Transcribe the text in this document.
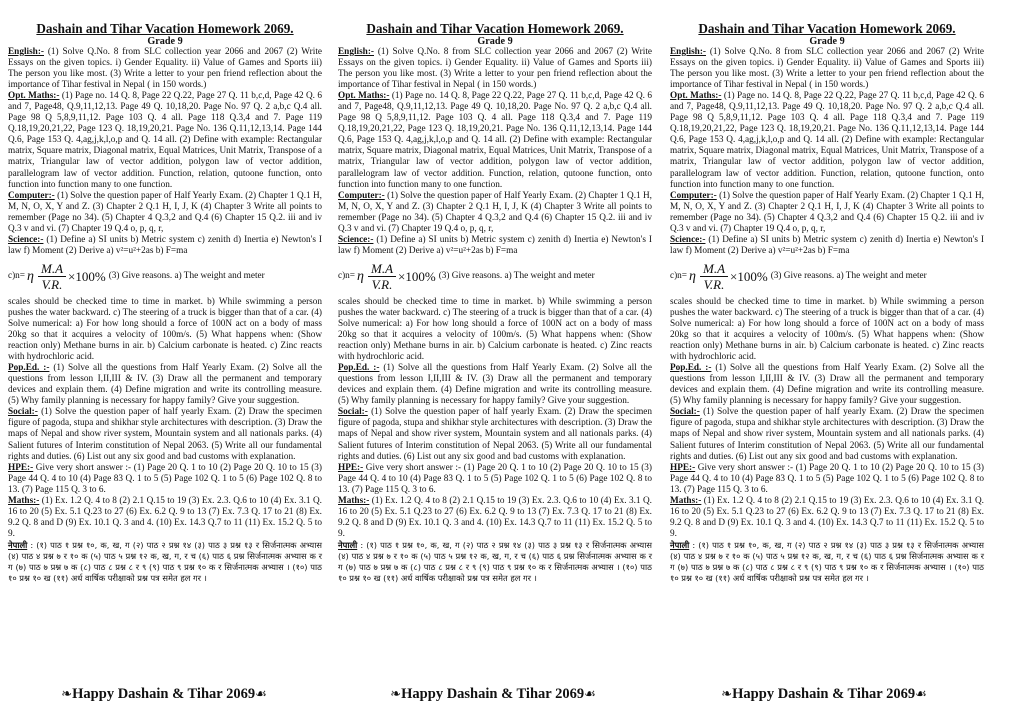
Dashain and Tihar Vacation Homework 2069.
Grade 9

English:- (1) Solve Q.No. 8 from SLC collection year 2066 and 2067 (2) Write Essays on the given topics. i) Gender Equality. ii) Value of Games and Sports iii) The person you like most. (3) Write a letter to your pen friend reflection about the importance of Tihar festival in Nepal ( in 150 words.)

Opt. Maths:- (1) Page no. 14 Q. 8, Page 22 Q.22, Page 27 Q. 11 b,c,d, Page 42 Q. 6 and 7, Page48, Q.9,11,12,13. Page 49 Q. 10,18,20. Page No. 97 Q. 2 a,b,c Q.4 all. Page 98 Q 5,8,9,11,12. Page 103 Q. 4 all. Page 118 Q.3,4 and 7. Page 119 Q.18,19,20,21,22, Page 123 Q. 18,19,20,21. Page No. 136 Q.11,12,13,14. Page 144 Q.6, Page 153 Q. 4,ag,j,k,l,o,p and Q. 14 all. (2) Define with example: Rectangular matrix, Square matrix, Diagonal matrix, Equal Matrices, Unit Matrix, Transpose of a matrix, Triangular law of vector addition, polygon law of vector addition, parallelogram law of vector addition. Function, relation, qutoone function, onto function into function many to one function.

Computer:- (1) Solve the question paper of Half Yearly Exam. (2) Chapter 1 Q.1 H, M, N, O, X, Y and Z. (3) Chapter 2 Q.1 H, I, J, K (4) Chapter 3 Write all points to remember (Page no 34). (5) Chapter 4 Q.3,2 and Q.4 (6) Chapter 15 Q.2. iii and iv Q.3 v and vi. (7) Chapter 19 Q.4 o, p, q, r,

Science:- (1) Define a) SI units b) Metric system c) zenith d) Inertia e) Newton's I law f) Moment (2) Derive a) v²=u²+2as b) F=ma

c)n= η $\frac{M.A}{V.R.} \times 100\%$ (3) Give reasons. a) The weight and meter

scales should be checked time to time in market. b) While swimming a person pushes the water backward. c) The steering of a truck is bigger than that of a car. (4) Solve numerical: a) For how long should a force of 100N act on a body of mass 20kg so that it acquires a velocity of 100m/s. (5) What happens when: (Show reaction only) Methane burns in air. b) Calcium carbonate is heated. c) Zinc reacts with hydrochloric acid.

Pop.Ed. :- (1) Solve all the questions from Half Yearly Exam. (2) Solve all the questions from lesson I,II,III & IV. (3) Draw all the permanent and temporary devices and explain them. (4) Define migration and write its controlling measure. (5) Why family planning is necessary for happy family? Give your suggestion.

Social:- (1) Solve the question paper of half yearly Exam. (2) Draw the specimen figure of pagoda, stupa and shikhar style architectures with description. (3) Draw the maps of Nepal and show river system, Mountain system and all nationals parks. (4) Salient futures of Interim constitution of Nepal 2063. (5) Write all our fundamental rights and duties. (6) List out any six good and bad customs with explanation.

HPE:- Give very short answer :- (1) Page 20 Q. 1 to 10 (2) Page 20 Q. 10 to 15 (3) Page 44 Q. 4 to 10 (4) Page 83 Q. 1 to 5 (5) Page 102 Q. 1 to 5 (6) Page 102 Q. 8 to 13. (7) Page 115 Q. 3 to 6.

Maths:- (1) Ex. 1.2 Q. 4 to 8 (2) 2.1 Q.15 to 19 (3) Ex. 2.3. Q.6 to 10 (4) Ex. 3.1 Q. 16 to 20 (5) Ex. 5.1 Q.23 to 27 (6) Ex. 6.2 Q. 9 to 13 (7) Ex. 7.3 Q. 17 to 21 (8) Ex. 9.2 Q. 8 and D (9) Ex. 10.1 Q. 3 and 4. (10) Ex. 14.3 Q.7 to 11 (11) Ex. 15.2 Q. 5 to 9.

नेपाली : (१) पाठ १ प्रश्न १०, क, ख, ग (२) पाठ २ प्रश्न १४ (३) पाठ ३ प्रश्न १३ र सिर्जनात्मक अभ्यास (४) पाठ ४ प्रश्न ७ र १० क (५) पाठ ५ प्रश्न १२ क, ख, ग, र च (६) पाठ ६ प्रश्न सिर्जनात्मक अभ्यास क र ग (७) पाठ ७ प्रश्न ७ क (८) पाठ ८ प्रश्न ८ र ९ (९) पाठ ९ प्रश्न १० क र सिर्जनात्मक अभ्यास । (१०) पाठ १० प्रश्न १० ख (११) अर्ध वार्षिक परीक्षाको प्रश्न पत्र समेत हल गर ।

❧Happy Dashain & Tihar 2069☙
Dashain and Tihar Vacation Homework 2069.
Grade 9

English:- (1) Solve Q.No. 8 from SLC collection year 2066 and 2067 (2) Write Essays on the given topics. i) Gender Equality. ii) Value of Games and Sports iii) The person you like most. (3) Write a letter to your pen friend reflection about the importance of Tihar festival in Nepal ( in 150 words.)

Opt. Maths:- (1) Page no. 14 Q. 8, Page 22 Q.22, Page 27 Q. 11 b,c,d, Page 42 Q. 6 and 7, Page48, Q.9,11,12,13. Page 49 Q. 10,18,20. Page No. 97 Q. 2 a,b,c Q.4 all. Page 98 Q 5,8,9,11,12. Page 103 Q. 4 all. Page 118 Q.3,4 and 7. Page 119 Q.18,19,20,21,22, Page 123 Q. 18,19,20,21. Page No. 136 Q.11,12,13,14. Page 144 Q.6, Page 153 Q. 4,ag,j,k,l,o,p and Q. 14 all. (2) Define with example: Rectangular matrix, Square matrix, Diagonal matrix, Equal Matrices, Unit Matrix, Transpose of a matrix, Triangular law of vector addition, polygon law of vector addition, parallelogram law of vector addition. Function, relation, qutoone function, onto function into function many to one function.

Computer:- (1) Solve the question paper of Half Yearly Exam. (2) Chapter 1 Q.1 H, M, N, O, X, Y and Z. (3) Chapter 2 Q.1 H, I, J, K (4) Chapter 3 Write all points to remember (Page no 34). (5) Chapter 4 Q.3,2 and Q.4 (6) Chapter 15 Q.2. iii and iv Q.3 v and vi. (7) Chapter 19 Q.4 o, p, q, r,

Science:- (1) Define a) SI units b) Metric system c) zenith d) Inertia e) Newton's I law f) Moment (2) Derive a) v²=u²+2as b) F=ma

c)n= η $\frac{M.A}{V.R.} \times 100\%$ (3) Give reasons. a) The weight and meter

scales should be checked time to time in market. b) While swimming a person pushes the water backward. c) The steering of a truck is bigger than that of a car. (4) Solve numerical: a) For how long should a force of 100N act on a body of mass 20kg so that it acquires a velocity of 100m/s. (5) What happens when: (Show reaction only) Methane burns in air. b) Calcium carbonate is heated. c) Zinc reacts with hydrochloric acid.

Pop.Ed. :- (1) Solve all the questions from Half Yearly Exam. (2) Solve all the questions from lesson I,II,III & IV. (3) Draw all the permanent and temporary devices and explain them. (4) Define migration and write its controlling measure. (5) Why family planning is necessary for happy family? Give your suggestion.

Social:- (1) Solve the question paper of half yearly Exam. (2) Draw the specimen figure of pagoda, stupa and shikhar style architectures with description. (3) Draw the maps of Nepal and show river system, Mountain system and all nationals parks. (4) Salient futures of Interim constitution of Nepal 2063. (5) Write all our fundamental rights and duties. (6) List out any six good and bad customs with explanation.

HPE:- Give very short answer :- (1) Page 20 Q. 1 to 10 (2) Page 20 Q. 10 to 15 (3) Page 44 Q. 4 to 10 (4) Page 83 Q. 1 to 5 (5) Page 102 Q. 1 to 5 (6) Page 102 Q. 8 to 13. (7) Page 115 Q. 3 to 6.

Maths:- (1) Ex. 1.2 Q. 4 to 8 (2) 2.1 Q.15 to 19 (3) Ex. 2.3. Q.6 to 10 (4) Ex. 3.1 Q. 16 to 20 (5) Ex. 5.1 Q.23 to 27 (6) Ex. 6.2 Q. 9 to 13 (7) Ex. 7.3 Q. 17 to 21 (8) Ex. 9.2 Q. 8 and D (9) Ex. 10.1 Q. 3 and 4. (10) Ex. 14.3 Q.7 to 11 (11) Ex. 15.2 Q. 5 to 9.

नेपाली : (१) पाठ १ प्रश्न १०, क, ख, ग (२) पाठ २ प्रश्न १४ (३) पाठ ३ प्रश्न १३ र सिर्जनात्मक अभ्यास (४) पाठ ४ प्रश्न ७ र १० क (५) पाठ ५ प्रश्न १२ क, ख, ग, र च (६) पाठ ६ प्रश्न सिर्जनात्मक अभ्यास क र ग (७) पाठ ७ प्रश्न ७ क (८) पाठ ८ प्रश्न ८ र ९ (९) पाठ ९ प्रश्न १० क र सिर्जनात्मक अभ्यास । (१०) पाठ १० प्रश्न १० ख (११) अर्ध वार्षिक परीक्षाको प्रश्न पत्र समेत हल गर ।

❧Happy Dashain & Tihar 2069☙
Dashain and Tihar Vacation Homework 2069.
Grade 9

English:- (1) Solve Q.No. 8 from SLC collection year 2066 and 2067 (2) Write Essays on the given topics. i) Gender Equality. ii) Value of Games and Sports iii) The person you like most. (3) Write a letter to your pen friend reflection about the importance of Tihar festival in Nepal ( in 150 words.)

Opt. Maths:- (1) Page no. 14 Q. 8, Page 22 Q.22, Page 27 Q. 11 b,c,d, Page 42 Q. 6 and 7, Page48, Q.9,11,12,13. Page 49 Q. 10,18,20. Page No. 97 Q. 2 a,b,c Q.4 all. Page 98 Q 5,8,9,11,12. Page 103 Q. 4 all. Page 118 Q.3,4 and 7. Page 119 Q.18,19,20,21,22, Page 123 Q. 18,19,20,21. Page No. 136 Q.11,12,13,14. Page 144 Q.6, Page 153 Q. 4,ag,j,k,l,o,p and Q. 14 all. (2) Define with example: Rectangular matrix, Square matrix, Diagonal matrix, Equal Matrices, Unit Matrix, Transpose of a matrix, Triangular law of vector addition, polygon law of vector addition, parallelogram law of vector addition. Function, relation, qutoone function, onto function into function many to one function.

Computer:- (1) Solve the question paper of Half Yearly Exam. (2) Chapter 1 Q.1 H, M, N, O, X, Y and Z. (3) Chapter 2 Q.1 H, I, J, K (4) Chapter 3 Write all points to remember (Page no 34). (5) Chapter 4 Q.3,2 and Q.4 (6) Chapter 15 Q.2. iii and iv Q.3 v and vi. (7) Chapter 19 Q.4 o, p, q, r,

Science:- (1) Define a) SI units b) Metric system c) zenith d) Inertia e) Newton's I law f) Moment (2) Derive a) v²=u²+2as b) F=ma

c)n= η $\frac{M.A}{V.R.} \times 100\%$ (3) Give reasons. a) The weight and meter

scales should be checked time to time in market. b) While swimming a person pushes the water backward. c) The steering of a truck is bigger than that of a car. (4) Solve numerical: a) For how long should a force of 100N act on a body of mass 20kg so that it acquires a velocity of 100m/s. (5) What happens when: (Show reaction only) Methane burns in air. b) Calcium carbonate is heated. c) Zinc reacts with hydrochloric acid.

Pop.Ed. :- (1) Solve all the questions from Half Yearly Exam. (2) Solve all the questions from lesson I,II,III & IV. (3) Draw all the permanent and temporary devices and explain them. (4) Define migration and write its controlling measure. (5) Why family planning is necessary for happy family? Give your suggestion.

Social:- (1) Solve the question paper of half yearly Exam. (2) Draw the specimen figure of pagoda, stupa and shikhar style architectures with description. (3) Draw the maps of Nepal and show river system, Mountain system and all nationals parks. (4) Salient futures of Interim constitution of Nepal 2063. (5) Write all our fundamental rights and duties. (6) List out any six good and bad customs with explanation.

HPE:- Give very short answer :- (1) Page 20 Q. 1 to 10 (2) Page 20 Q. 10 to 15 (3) Page 44 Q. 4 to 10 (4) Page 83 Q. 1 to 5 (5) Page 102 Q. 1 to 5 (6) Page 102 Q. 8 to 13. (7) Page 115 Q. 3 to 6.

Maths:- (1) Ex. 1.2 Q. 4 to 8 (2) 2.1 Q.15 to 19 (3) Ex. 2.3. Q.6 to 10 (4) Ex. 3.1 Q. 16 to 20 (5) Ex. 5.1 Q.23 to 27 (6) Ex. 6.2 Q. 9 to 13 (7) Ex. 7.3 Q. 17 to 21 (8) Ex. 9.2 Q. 8 and D (9) Ex. 10.1 Q. 3 and 4. (10) Ex. 14.3 Q.7 to 11 (11) Ex. 15.2 Q. 5 to 9.

नेपाली : (१) पाठ १ प्रश्न १०, क, ख, ग (२) पाठ २ प्रश्न १४ (३) पाठ ३ प्रश्न १३ र सिर्जनात्मक अभ्यास (४) पाठ ४ प्रश्न ७ र १० क (५) पाठ ५ प्रश्न १२ क, ख, ग, र च (६) पाठ ६ प्रश्न सिर्जनात्मक अभ्यास क र ग (७) पाठ ७ प्रश्न ७ क (८) पाठ ८ प्रश्न ८ र ९ (९) पाठ ९ प्रश्न १० क र सिर्जनात्मक अभ्यास । (१०) पाठ १० प्रश्न १० ख (११) अर्ध वार्षिक परीक्षाको प्रश्न पत्र समेत हल गर ।

❧Happy Dashain & Tihar 2069☙
